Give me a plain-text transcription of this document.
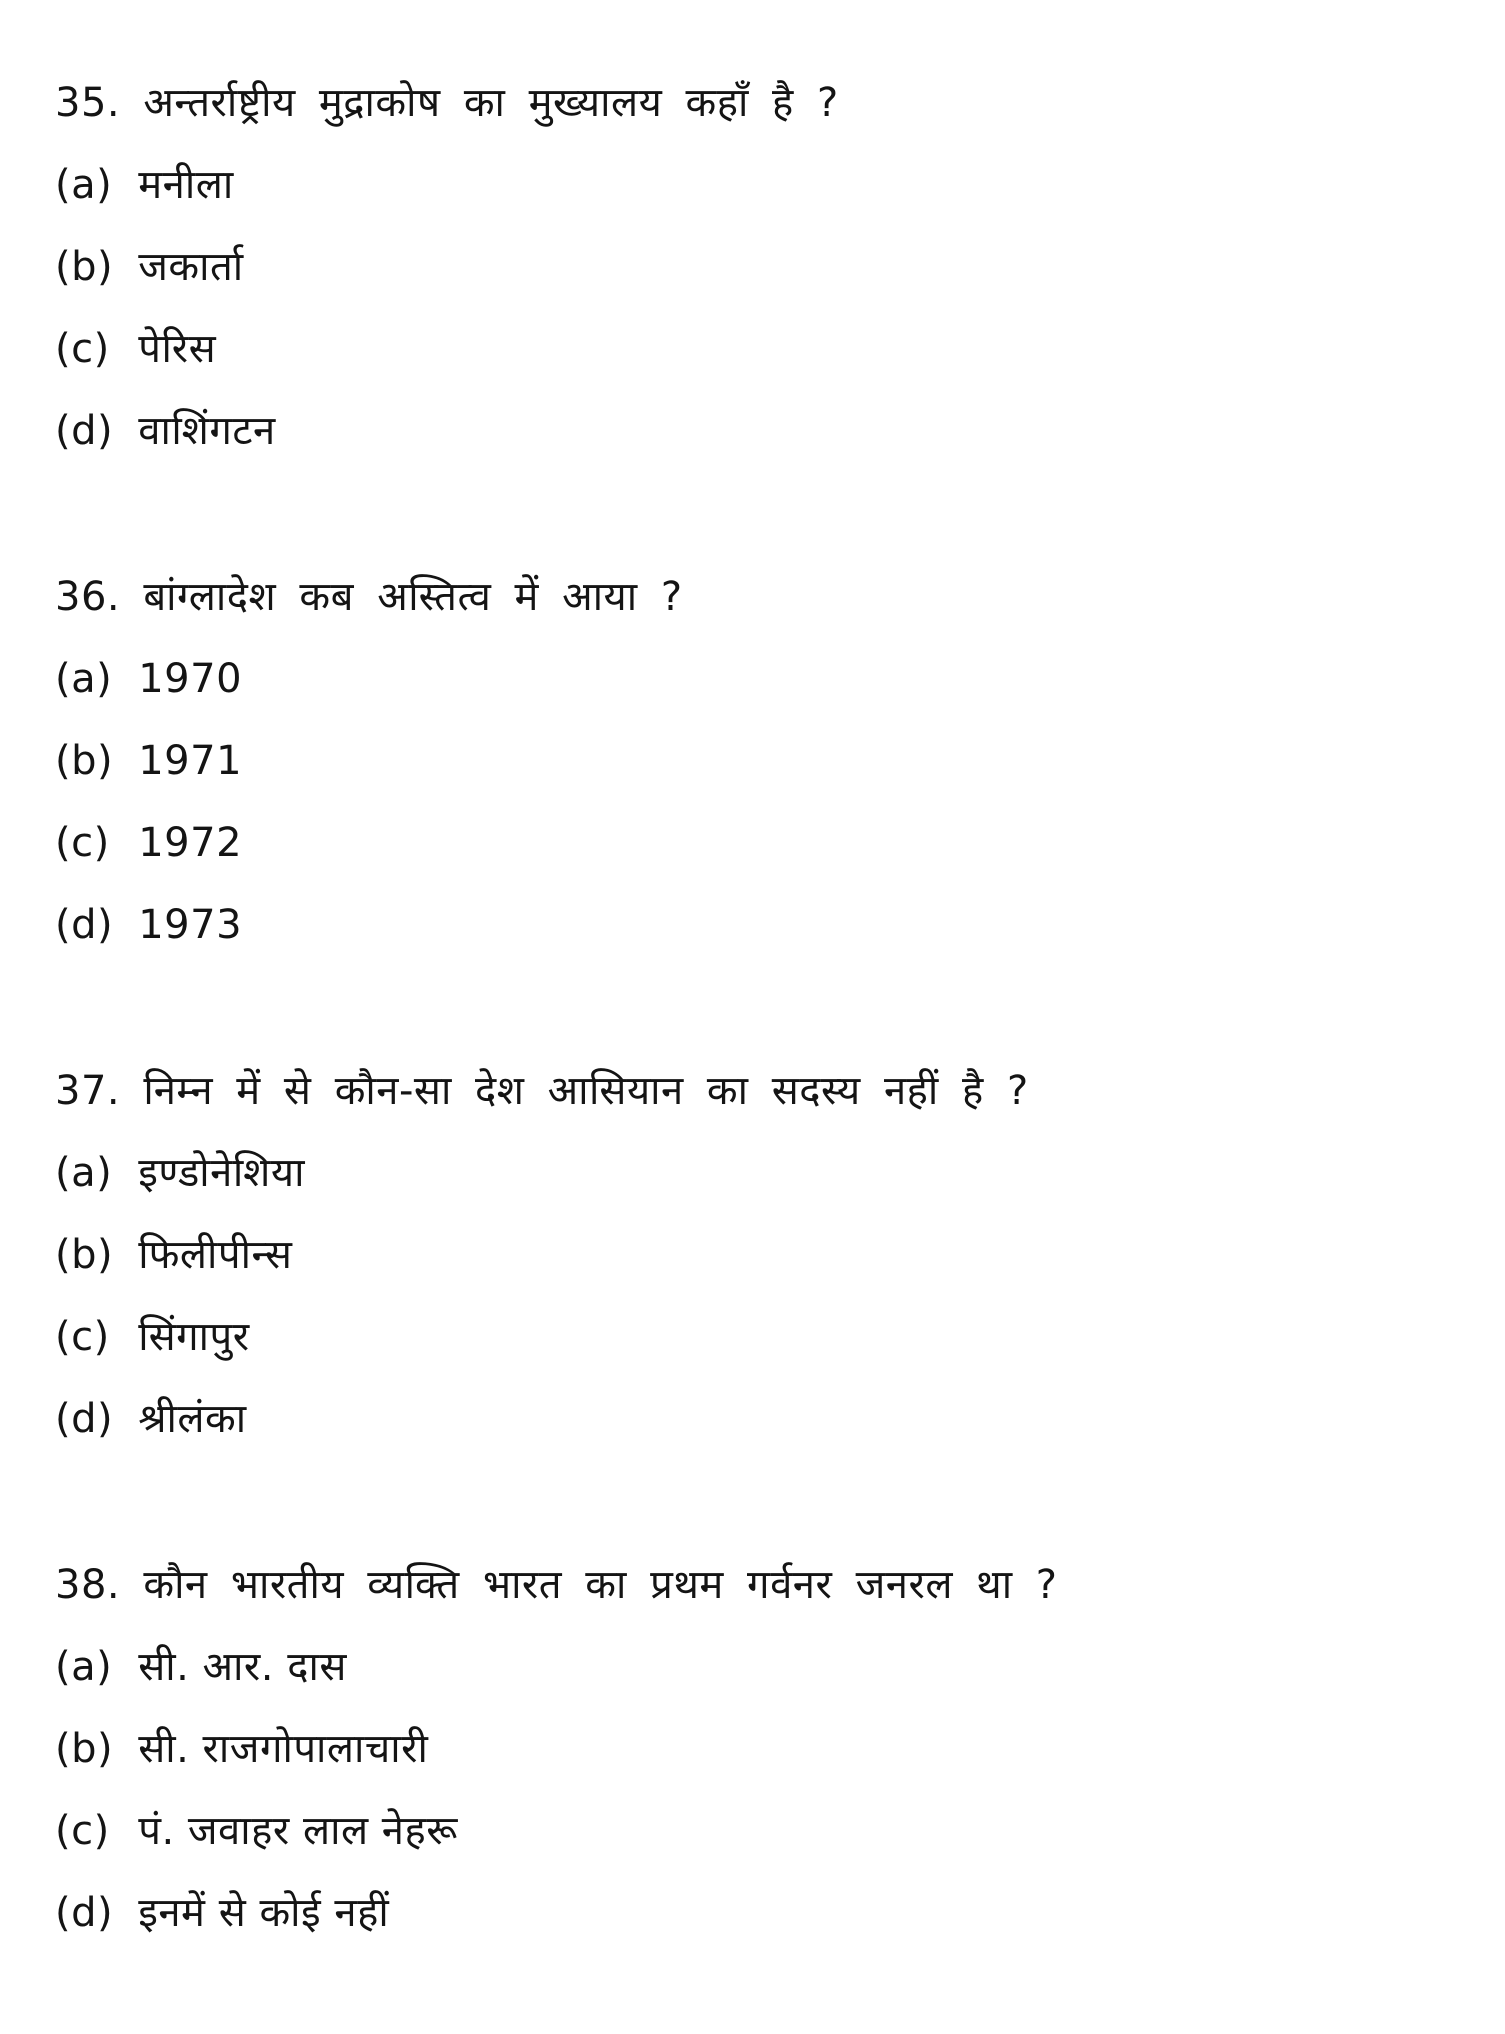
35. अन्तर्राष्ट्रीय मुद्राकोष का मुख्यालय कहाँ है ?
(a) मनीला
(b) जकार्ता
(c) पेरिस
(d) वाशिंगटन
36. बांग्लादेश कब अस्तित्व में आया ?
(a) 1970
(b) 1971
(c) 1972
(d) 1973
37. निम्न में से कौन-सा देश आसियान का सदस्य नहीं है ?
(a) इण्डोनेशिया
(b) फिलीपीन्स
(c) सिंगापुर
(d) श्रीलंका
38. कौन भारतीय व्यक्ति भारत का प्रथम गर्वनर जनरल था ?
(a) सी. आर. दास
(b) सी. राजगोपालाचारी
(c) पं. जवाहर लाल नेहरू
(d) इनमें से कोई नहीं
